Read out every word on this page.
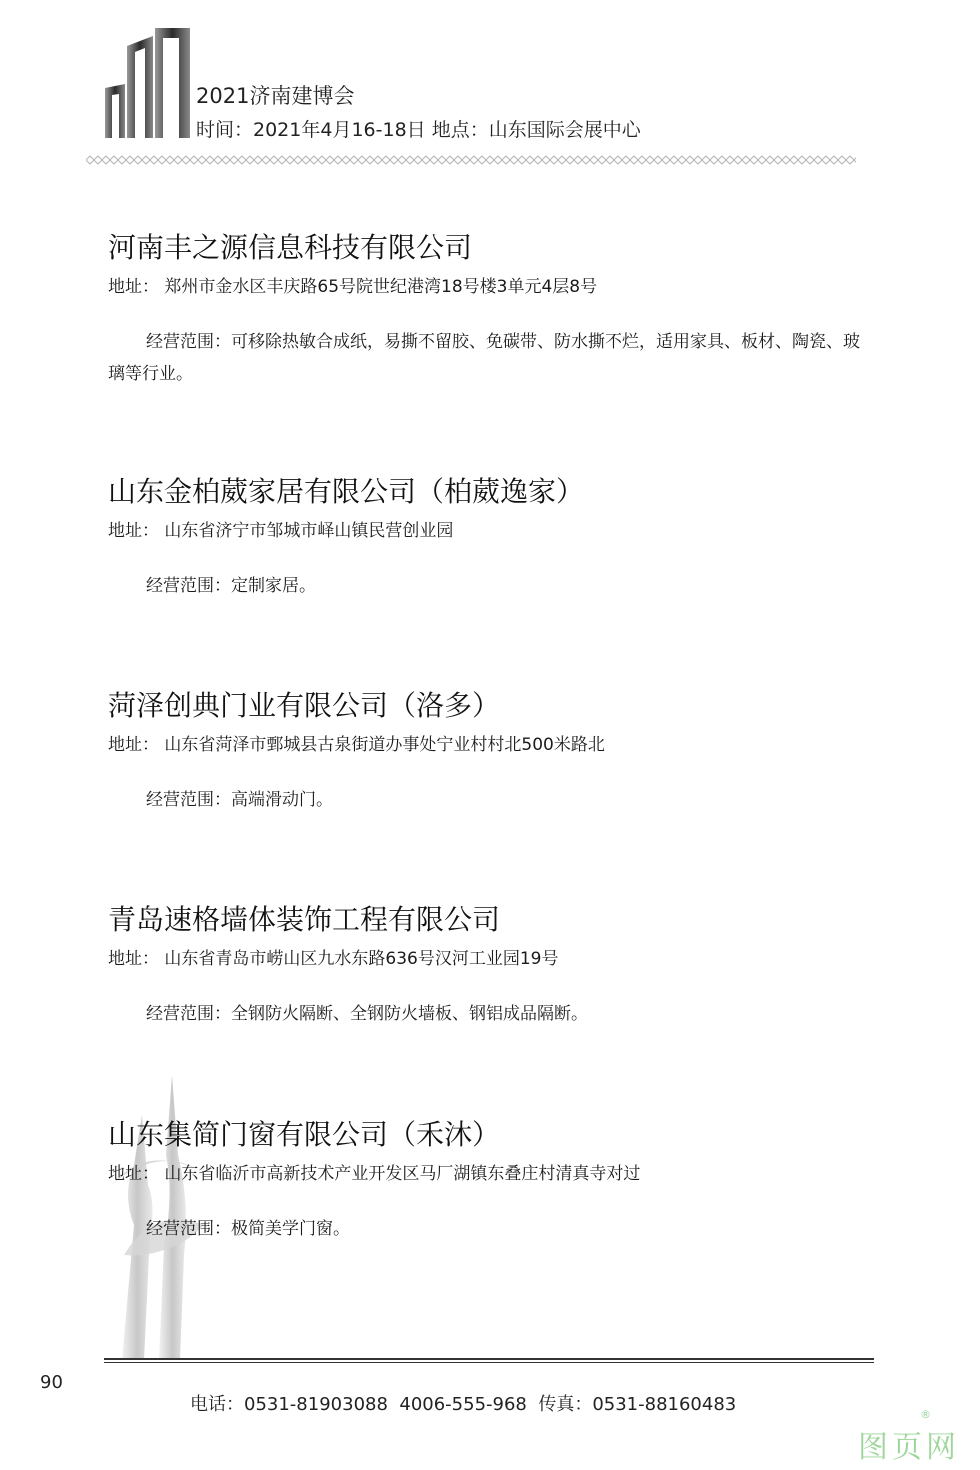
2021济南建博会
时间：2021年4月16-18日 地点：山东国际会展中心
河南丰之源信息科技有限公司
地址： 郑州市金水区丰庆路65号院世纪港湾18号楼3单元4层8号
经营范围：可移除热敏合成纸，易撕不留胶、免碳带、防水撕不烂，适用家具、板材、陶瓷、玻璃等行业。
山东金柏葳家居有限公司（柏葳逸家）
地址： 山东省济宁市邹城市峄山镇民营创业园
经营范围：定制家居。
菏泽创典门业有限公司（洛多）
地址： 山东省菏泽市鄄城县古泉街道办事处宁业村村北500米路北
经营范围：高端滑动门。
青岛速格墙体装饰工程有限公司
地址： 山东省青岛市崂山区九水东路636号汉河工业园19号
经营范围：全钢防火隔断、全钢防火墙板、钢铝成品隔断。
山东集简门窗有限公司（禾沐）
地址： 山东省临沂市高新技术产业开发区马厂湖镇东叠庄村清真寺对过
经营范围：极简美学门窗。
90
电话：0531-81903088  4006-555-968  传真：0531-88160483
图页网
®
